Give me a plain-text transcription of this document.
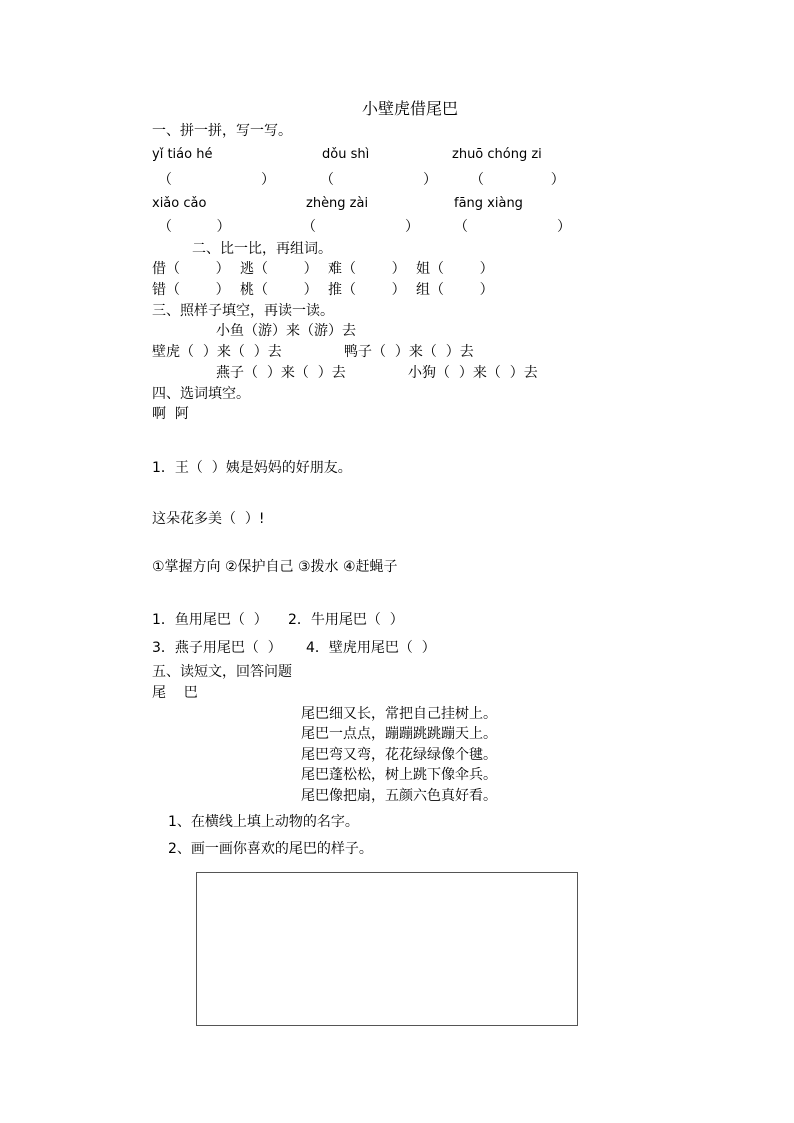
小壁虎借尾巴
一、拼一拼，写一写。
yǐ tiáo hé	dǒu shì	zhuō chóng zi
（                    ）	（                    ） （               ）
xiǎo cǎo	zhèng zài	fāng xiàng
（          ）	（                    ） （                    ）
二、比一比，再组词。
借（        ） 逃（        ） 难（        ） 姐（        ）
错（        ） 桃（        ） 推（        ） 组（        ）
三、照样子填空，再读一读。
小鱼（游）来（游）去
壁虎（  ）来（  ）去	鸭子（  ）来（  ）去
燕子（  ）来（  ）去	小狗（  ）来（  ）去
四、选词填空。
啊  阿
1．王（  ）姨是妈妈的好朋友。
这朵花多美（  ）!
①掌握方向 ②保护自己 ③拨水 ④赶蝇子
1．鱼用尾巴（  ） 2．牛用尾巴（  ）
3．燕子用尾巴（  ） 4．壁虎用尾巴（  ）
五、读短文，回答问题
尾    巴
尾巴细又长，常把自己挂树上。
尾巴一点点，蹦蹦跳跳蹦天上。
尾巴弯又弯，花花绿绿像个毽。
尾巴蓬松松，树上跳下像伞兵。
尾巴像把扇，五颜六色真好看。
1、在横线上填上动物的名字。
2、画一画你喜欢的尾巴的样子。
